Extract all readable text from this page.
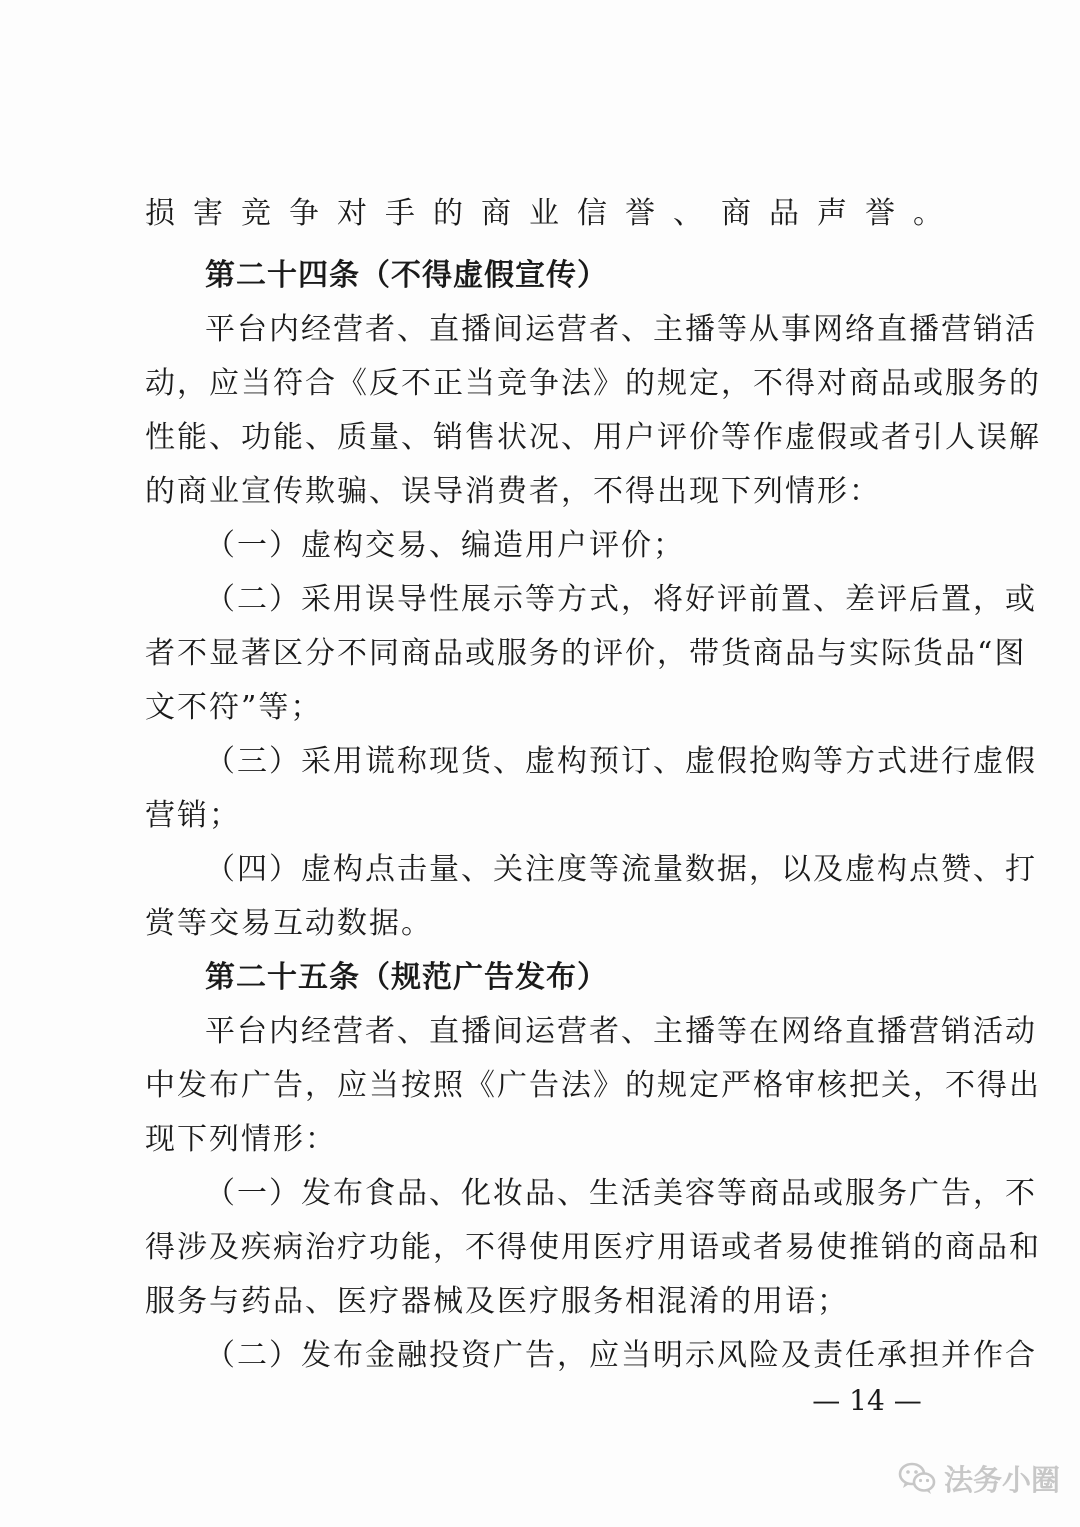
损害竞争对手的商业信誉、商品声誉。
第二十四条（不得虚假宣传）
平台内经营者、直播间运营者、主播等从事网络直播营销活
动，应当符合《反不正当竞争法》的规定，不得对商品或服务的
性能、功能、质量、销售状况、用户评价等作虚假或者引人误解
的商业宣传欺骗、误导消费者，不得出现下列情形：
（一）虚构交易、编造用户评价；
（二）采用误导性展示等方式，将好评前置、差评后置，或
者不显著区分不同商品或服务的评价，带货商品与实际货品“图
文不符”等；
（三）采用谎称现货、虚构预订、虚假抢购等方式进行虚假
营销；
（四）虚构点击量、关注度等流量数据，以及虚构点赞、打
赏等交易互动数据。
第二十五条（规范广告发布）
平台内经营者、直播间运营者、主播等在网络直播营销活动
中发布广告，应当按照《广告法》的规定严格审核把关，不得出
现下列情形：
（一）发布食品、化妆品、生活美容等商品或服务广告，不
得涉及疾病治疗功能，不得使用医疗用语或者易使推销的商品和
服务与药品、医疗器械及医疗服务相混淆的用语；
（二）发布金融投资广告，应当明示风险及责任承担并作合
— 14 —
法务小圈
